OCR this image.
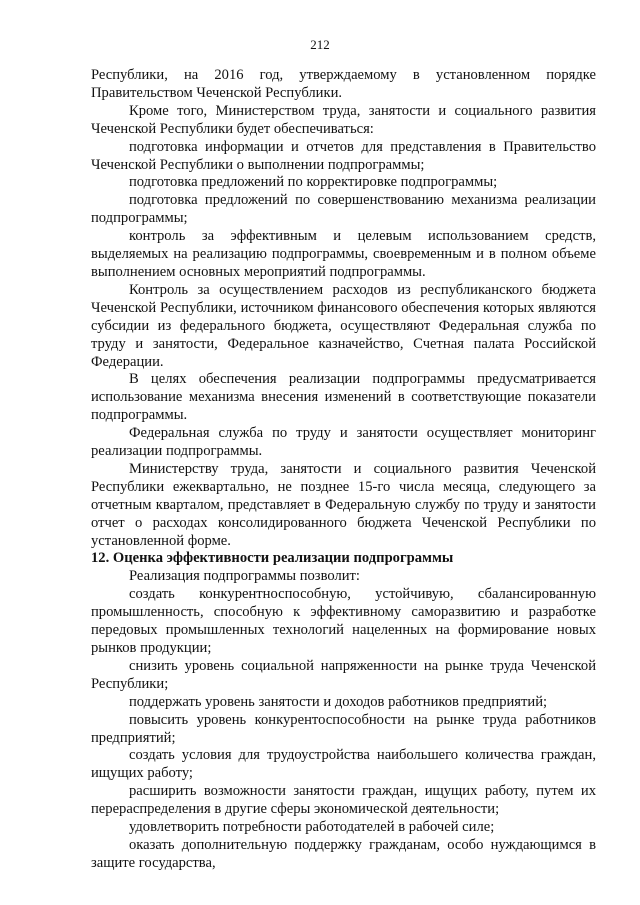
212

Республики, на 2016 год, утверждаемому в установленном порядке Правительством Чеченской Республики.

Кроме того, Министерством труда, занятости и социального развития Чеченской Республики будет обеспечиваться:

подготовка информации и отчетов для представления в Правительство Чеченской Республики о выполнении подпрограммы;

подготовка предложений по корректировке подпрограммы;

подготовка предложений по совершенствованию механизма реализации подпрограммы;

контроль за эффективным и целевым использованием средств, выделяемых на реализацию подпрограммы, своевременным и в полном объеме выполнением основных мероприятий подпрограммы.

Контроль за осуществлением расходов из республиканского бюджета Чеченской Республики, источником финансового обеспечения которых являются субсидии из федерального бюджета, осуществляют Федеральная служба по труду и занятости, Федеральное казначейство, Счетная палата Российской Федерации.

В целях обеспечения реализации подпрограммы предусматривается использование механизма внесения изменений в соответствующие показатели подпрограммы.

Федеральная служба по труду и занятости осуществляет мониторинг реализации подпрограммы.

Министерству труда, занятости и социального развития Чеченской Республики ежеквартально, не позднее 15-го числа месяца, следующего за отчетным кварталом, представляет в Федеральную службу по труду и занятости отчет о расходах консолидированного бюджета Чеченской Республики по установленной форме.

12. Оценка эффективности реализации подпрограммы

Реализация подпрограммы позволит:

создать конкурентноспособную, устойчивую, сбалансированную промышленность, способную к эффективному саморазвитию и разработке передовых промышленных технологий нацеленных на формирование новых рынков продукции;

снизить уровень социальной напряженности на рынке труда Чеченской Республики;

поддержать уровень занятости и доходов работников предприятий;

повысить уровень конкурентоспособности на рынке труда работников предприятий;

создать условия для трудоустройства наибольшего количества граждан, ищущих работу;

расширить возможности занятости граждан, ищущих работу, путем их перераспределения в другие сферы экономической деятельности;

удовлетворить потребности работодателей в рабочей силе;

оказать дополнительную поддержку гражданам, особо нуждающимся в защите государства,
